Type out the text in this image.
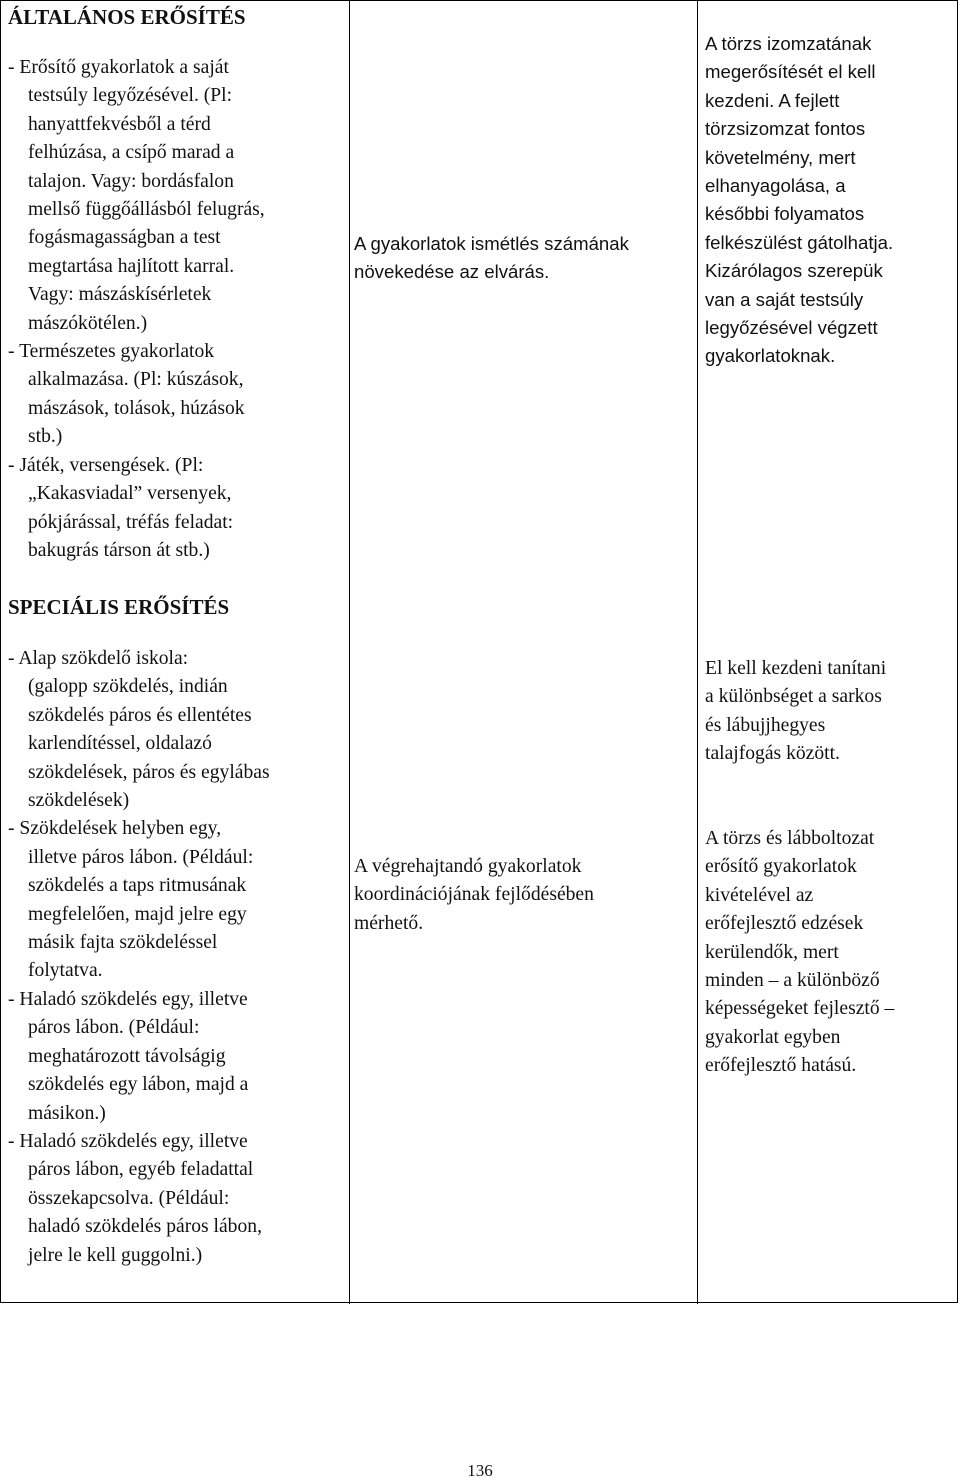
ÁLTALÁNOS ERŐSÍTÉS

- Erősítő gyakorlatok a saját

testsúly legyőzésével. (Pl:

hanyattfekvésből a térd

felhúzása, a csípő marad a

talajon. Vagy: bordásfalon

mellső függőállásból felugrás,

fogásmagasságban a test

megtartása hajlított karral.

Vagy: mászáskísérletek

mászókötélen.)

- Természetes gyakorlatok

alkalmazása. (Pl: kúszások,

mászások, tolások, húzások

stb.)

- Játék, versengések. (Pl:

„Kakasviadal” versenyek,

pókjárással, tréfás feladat:

bakugrás társon át stb.)

A gyakorlatok ismétlés számának

növekedése az elvárás.

A törzs izomzatának

megerősítését el kell

kezdeni. A fejlett

törzsizomzat fontos

követelmény, mert

elhanyagolása, a

későbbi folyamatos

felkészülést gátolhatja.

Kizárólagos szerepük

van a saját testsúly

legyőzésével végzett

gyakorlatoknak.

SPECIÁLIS ERŐSÍTÉS

- Alap szökdelő iskola:

(galopp szökdelés, indián

szökdelés páros és ellentétes

karlendítéssel, oldalazó

szökdelések, páros és egylábas

szökdelések)

- Szökdelések helyben egy,

illetve páros lábon. (Például:

szökdelés a taps ritmusának

megfelelően, majd jelre egy

másik fajta szökdeléssel

folytatva.

- Haladó szökdelés egy, illetve

páros lábon. (Például:

meghatározott távolságig

szökdelés egy lábon, majd a

másikon.)

- Haladó szökdelés egy, illetve

páros lábon, egyéb feladattal

összekapcsolva. (Például:

haladó szökdelés páros lábon,

jelre le kell guggolni.)

A végrehajtandó gyakorlatok

koordinációjának fejlődésében

mérhető.

El kell kezdeni tanítani

a különbséget a sarkos

és lábujjhegyes

talajfogás között.

A törzs és lábboltozat

erősítő gyakorlatok

kivételével az

erőfejlesztő edzések

kerülendők, mert

minden – a különböző

képességeket fejlesztő –

gyakorlat egyben

erőfejlesztő hatású.

136
